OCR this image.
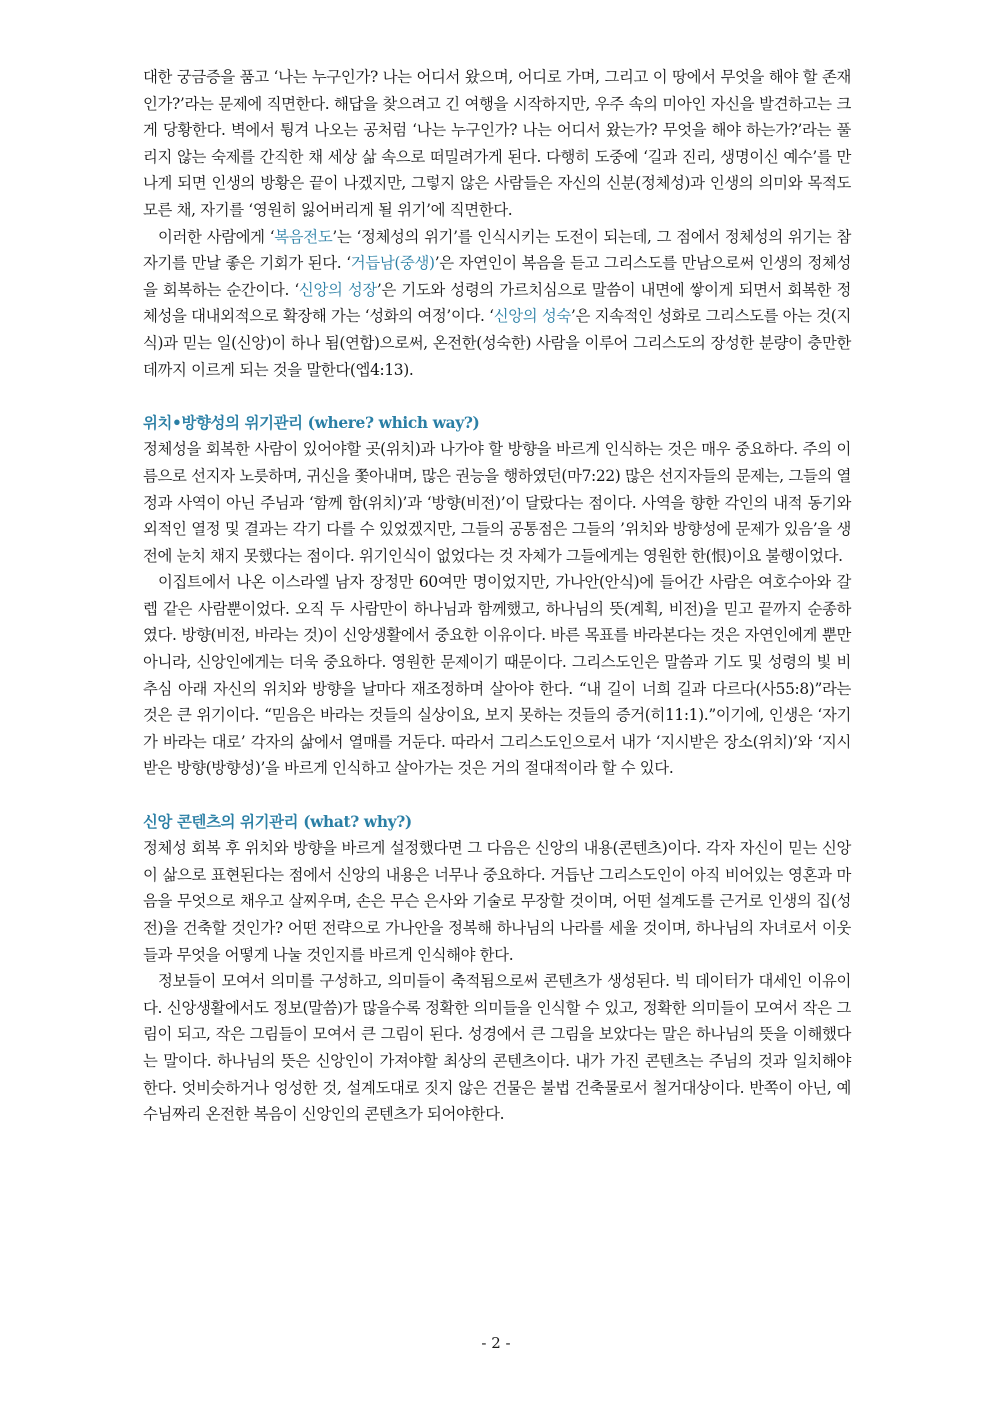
대한 궁금증을 품고 ‘나는 누구인가? 나는 어디서 왔으며, 어디로 가며, 그리고 이 땅에서 무엇을 해야 할 존재인가?’라는 문제에 직면한다. 해답을 찾으려고 긴 여행을 시작하지만, 우주 속의 미아인 자신을 발견하고는 크게 당황한다. 벽에서 튕겨 나오는 공처럼 ‘나는 누구인가? 나는 어디서 왔는가? 무엇을 해야 하는가?’라는 풀리지 않는 숙제를 간직한 채 세상 삶 속으로 떠밀려가게 된다. 다행히 도중에 ‘길과 진리, 생명이신 예수’를 만나게 되면 인생의 방황은 끝이 나겠지만, 그렇지 않은 사람들은 자신의 신분(정체성)과 인생의 의미와 목적도 모른 채, 자기를 ‘영원히 잃어버리게 될 위기’에 직면한다.

이러한 사람에게 ‘복음전도’는 ‘정체성의 위기’를 인식시키는 도전이 되는데, 그 점에서 정체성의 위기는 참 자기를 만날 좋은 기회가 된다. ‘거듭남(중생)’은 자연인이 복음을 듣고 그리스도를 만남으로써 인생의 정체성을 회복하는 순간이다. ‘신앙의 성장’은 기도와 성령의 가르치심으로 말씀이 내면에 쌓이게 되면서 회복한 정체성을 대내외적으로 확장해 가는 ‘성화의 여정’이다. ‘신앙의 성숙’은 지속적인 성화로 그리스도를 아는 것(지식)과 믿는 일(신앙)이 하나 됨(연합)으로써, 온전한(성숙한) 사람을 이루어 그리스도의 장성한 분량이 충만한 데까지 이르게 되는 것을 말한다(엡4:13).

위치•방향성의 위기관리 (where? which way?)

정체성을 회복한 사람이 있어야할 곳(위치)과 나가야 할 방향을 바르게 인식하는 것은 매우 중요하다. 주의 이름으로 선지자 노릇하며, 귀신을 쫓아내며, 많은 권능을 행하였던(마7:22) 많은 선지자들의 문제는, 그들의 열정과 사역이 아닌 주님과 ‘함께 함(위치)’과 ‘방향(비전)’이 달랐다는 점이다. 사역을 향한 각인의 내적 동기와 외적인 열정 및 결과는 각기 다를 수 있었겠지만, 그들의 공통점은 그들의 ’위치와 방향성에 문제가 있음’을 생전에 눈치 채지 못했다는 점이다. 위기인식이 없었다는 것 자체가 그들에게는 영원한 한(恨)이요 불행이었다.

이집트에서 나온 이스라엘 남자 장정만 60여만 명이었지만, 가나안(안식)에 들어간 사람은 여호수아와 갈렙 같은 사람뿐이었다. 오직 두 사람만이 하나님과 함께했고, 하나님의 뜻(계획, 비전)을 믿고 끝까지 순종하였다. 방향(비전, 바라는 것)이 신앙생활에서 중요한 이유이다. 바른 목표를 바라본다는 것은 자연인에게 뿐만 아니라, 신앙인에게는 더욱 중요하다. 영원한 문제이기 때문이다. 그리스도인은 말씀과 기도 및 성령의 빛 비추심 아래 자신의 위치와 방향을 날마다 재조정하며 살아야 한다. “내 길이 너희 길과 다르다(사55:8)”라는 것은 큰 위기이다. “믿음은 바라는 것들의 실상이요, 보지 못하는 것들의 증거(히11:1).”이기에, 인생은 ‘자기가 바라는 대로’ 각자의 삶에서 열매를 거둔다. 따라서 그리스도인으로서 내가 ‘지시받은 장소(위치)’와 ‘지시받은 방향(방향성)’을 바르게 인식하고 살아가는 것은 거의 절대적이라 할 수 있다.

신앙 콘텐츠의 위기관리 (what? why?)

정체성 회복 후 위치와 방향을 바르게 설정했다면 그 다음은 신앙의 내용(콘텐츠)이다. 각자 자신이 믿는 신앙이 삶으로 표현된다는 점에서 신앙의 내용은 너무나 중요하다. 거듭난 그리스도인이 아직 비어있는 영혼과 마음을 무엇으로 채우고 살찌우며, 손은 무슨 은사와 기술로 무장할 것이며, 어떤 설계도를 근거로 인생의 집(성전)을 건축할 것인가? 어떤 전략으로 가나안을 정복해 하나님의 나라를 세울 것이며, 하나님의 자녀로서 이웃들과 무엇을 어떻게 나눌 것인지를 바르게 인식해야 한다.

정보들이 모여서 의미를 구성하고, 의미들이 축적됨으로써 콘텐츠가 생성된다. 빅 데이터가 대세인 이유이다. 신앙생활에서도 정보(말씀)가 많을수록 정확한 의미들을 인식할 수 있고, 정확한 의미들이 모여서 작은 그림이 되고, 작은 그림들이 모여서 큰 그림이 된다. 성경에서 큰 그림을 보았다는 말은 하나님의 뜻을 이해했다는 말이다. 하나님의 뜻은 신앙인이 가져야할 최상의 콘텐츠이다. 내가 가진 콘텐츠는 주님의 것과 일치해야 한다. 엇비슷하거나 엉성한 것, 설계도대로 짓지 않은 건물은 불법 건축물로서 철거대상이다. 반쪽이 아닌, 예수님짜리 온전한 복음이 신앙인의 콘텐츠가 되어야한다.

- 2 -
